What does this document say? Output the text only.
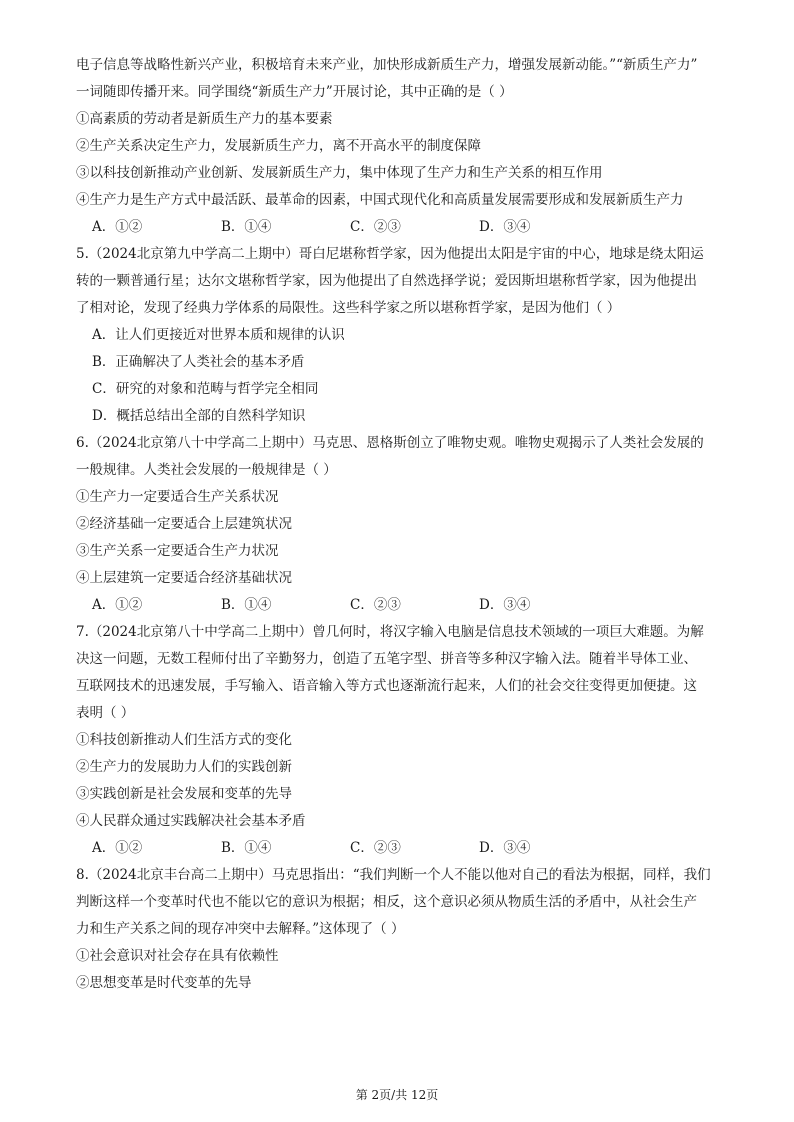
电子信息等战略性新兴产业，积极培育未来产业，加快形成新质生产力，增强发展新动能。”“新质生产力”
一词随即传播开来。同学围绕“新质生产力”开展讨论，其中正确的是（ ）
①高素质的劳动者是新质生产力的基本要素
②生产关系决定生产力，发展新质生产力，离不开高水平的制度保障
③以科技创新推动产业创新、发展新质生产力，集中体现了生产力和生产关系的相互作用
④生产力是生产方式中最活跃、最革命的因素，中国式现代化和高质量发展需要形成和发展新质生产力
A．①②	B．①④	C．②③	D．③④
5.（2024北京第九中学高二上期中）哥白尼堪称哲学家，因为他提出太阳是宇宙的中心，地球是绕太阳运
转的一颗普通行星；达尔文堪称哲学家，因为他提出了自然选择学说；爱因斯坦堪称哲学家，因为他提出
了相对论，发现了经典力学体系的局限性。这些科学家之所以堪称哲学家，是因为他们（ ）
A．让人们更接近对世界本质和规律的认识
B．正确解决了人类社会的基本矛盾
C．研究的对象和范畴与哲学完全相同
D．概括总结出全部的自然科学知识
6.（2024北京第八十中学高二上期中）马克思、恩格斯创立了唯物史观。唯物史观揭示了人类社会发展的
一般规律。人类社会发展的一般规律是（ ）
①生产力一定要适合生产关系状况
②经济基础一定要适合上层建筑状况
③生产关系一定要适合生产力状况
④上层建筑一定要适合经济基础状况
A．①②	B．①④	C．②③	D．③④
7.（2024北京第八十中学高二上期中）曾几何时，将汉字输入电脑是信息技术领域的一项巨大难题。为解
决这一问题，无数工程师付出了辛勤努力，创造了五笔字型、拼音等多种汉字输入法。随着半导体工业、
互联网技术的迅速发展，手写输入、语音输入等方式也逐渐流行起来，人们的社会交往变得更加便捷。这
表明（ ）
①科技创新推动人们生活方式的变化
②生产力的发展助力人们的实践创新
③实践创新是社会发展和变革的先导
④人民群众通过实践解决社会基本矛盾
A．①②	B．①④	C．②③	D．③④
8.（2024北京丰台高二上期中）马克思指出：“我们判断一个人不能以他对自己的看法为根据，同样，我们
判断这样一个变革时代也不能以它的意识为根据；相反，这个意识必须从物质生活的矛盾中，从社会生产
力和生产关系之间的现存冲突中去解释。”这体现了（ ）
①社会意识对社会存在具有依赖性
②思想变革是时代变革的先导
第 2页/共 12页
